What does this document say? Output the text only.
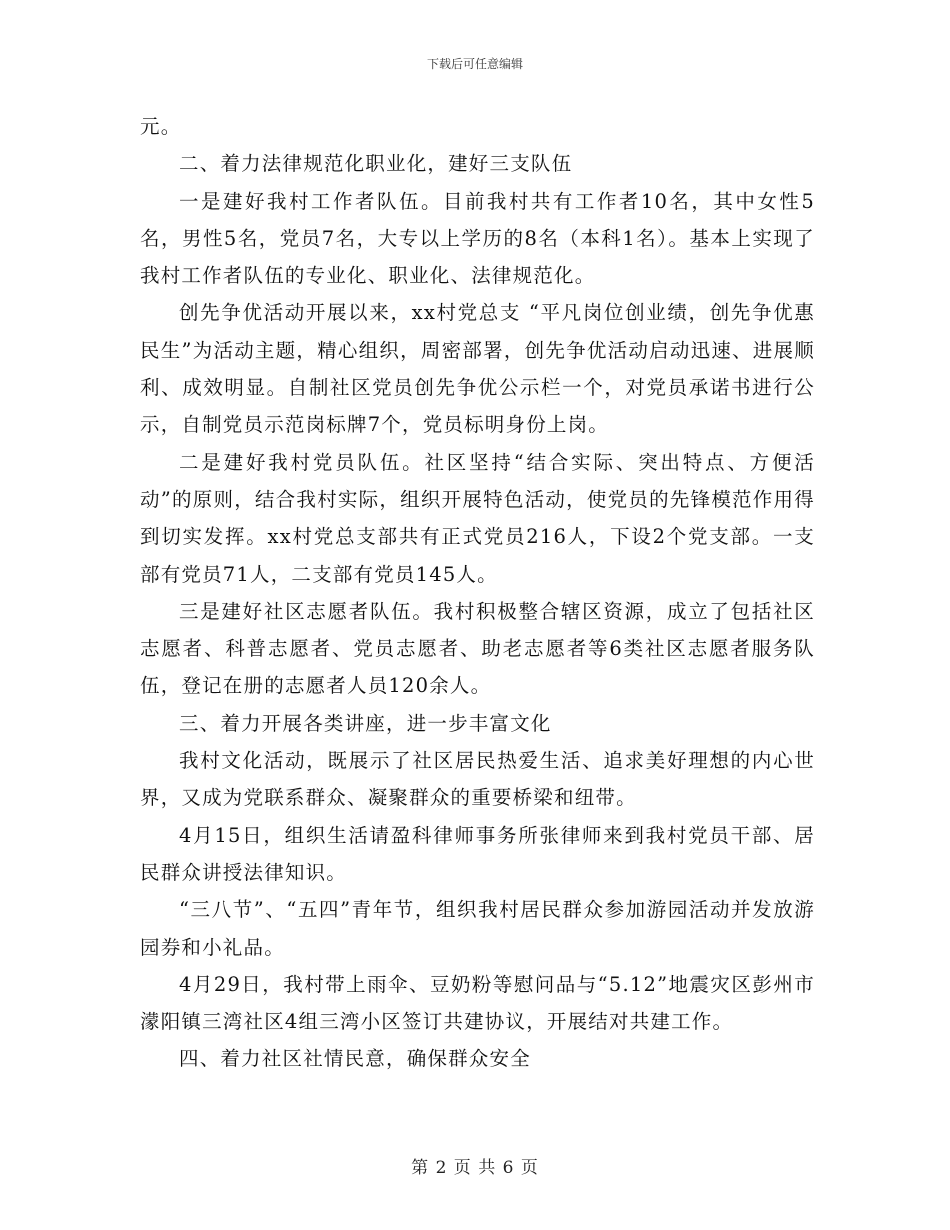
下载后可任意编辑

元。

二、着力法律规范化职业化，建好三支队伍

一是建好我村工作者队伍。目前我村共有工作者10名，其中女性5名，男性5名，党员7名，大专以上学历的8名（本科1名）。基本上实现了我村工作者队伍的专业化、职业化、法律规范化。

创先争优活动开展以来，xx村党总支 “平凡岗位创业绩，创先争优惠民生”为活动主题，精心组织，周密部署，创先争优活动启动迅速、进展顺利、成效明显。自制社区党员创先争优公示栏一个，对党员承诺书进行公示，自制党员示范岗标牌7个，党员标明身份上岗。

二是建好我村党员队伍。社区坚持“结合实际、突出特点、方便活动”的原则，结合我村实际，组织开展特色活动，使党员的先锋模范作用得到切实发挥。xx村党总支部共有正式党员216人，下设2个党支部。一支部有党员71人，二支部有党员145人。

三是建好社区志愿者队伍。我村积极整合辖区资源，成立了包括社区志愿者、科普志愿者、党员志愿者、助老志愿者等6类社区志愿者服务队伍，登记在册的志愿者人员120余人。

三、着力开展各类讲座，进一步丰富文化

我村文化活动，既展示了社区居民热爱生活、追求美好理想的内心世界，又成为党联系群众、凝聚群众的重要桥梁和纽带。

4月15日，组织生活请盈科律师事务所张律师来到我村党员干部、居民群众讲授法律知识。

“三八节”、“五四”青年节，组织我村居民群众参加游园活动并发放游园券和小礼品。

4月29日，我村带上雨伞、豆奶粉等慰问品与“5.12”地震灾区彭州市濛阳镇三湾社区4组三湾小区签订共建协议，开展结对共建工作。

四、着力社区社情民意，确保群众安全

第 2 页 共 6 页
